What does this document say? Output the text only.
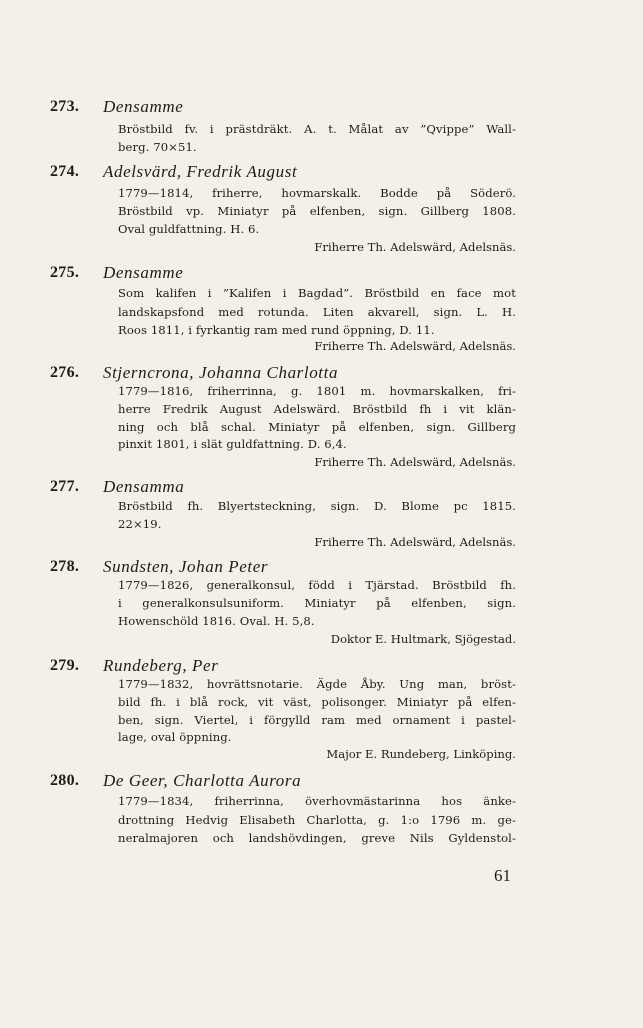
273. Densamme
Bröstbild fv. i prästdräkt. A. t. Målat av ”Qvippe” Wall-
berg. 70×51.
274. Adelsvärd, Fredrik August
1779—1814, friherre, hovmarskalk. Bodde på Söderö.
Bröstbild vp. Miniatyr på elfenben, sign. Gillberg 1808.
Oval guldfattning. H. 6.
Friherre Th. Adelswärd, Adelsnäs.
275. Densamme
Som kalifen i ”Kalifen i Bagdad”. Bröstbild en face mot
landskapsfond med rotunda. Liten akvarell, sign. L. H.
Roos 1811, i fyrkantig ram med rund öppning, D. 11.
Friherre Th. Adelswärd, Adelsnäs.
276. Stjerncrona, Johanna Charlotta
1779—1816, friherrinna, g. 1801 m. hovmarskalken, fri-
herre Fredrik August Adelswärd. Bröstbild fh i vit klän-
ning och blå schal. Miniatyr på elfenben, sign. Gillberg
pinxit 1801, i slät guldfattning. D. 6,4.
Friherre Th. Adelswärd, Adelsnäs.
277. Densamma
Bröstbild fh. Blyertsteckning, sign. D. Blome pc 1815.
22×19.
Friherre Th. Adelswärd, Adelsnäs.
278. Sundsten, Johan Peter
1779—1826, generalkonsul, född i Tjärstad. Bröstbild fh.
i generalkonsulsuniform. Miniatyr på elfenben, sign.
Howenschöld 1816. Oval. H. 5,8.
Doktor E. Hultmark, Sjögestad.
279. Rundeberg, Per
1779—1832, hovrättsnotarie. Ägde Åby. Ung man, bröst-
bild fh. i blå rock, vit väst, polisonger. Miniatyr på elfen-
ben, sign. Viertel, i förgylld ram med ornament i pastel-
lage, oval öppning.
Major E. Rundeberg, Linköping.
280. De Geer, Charlotta Aurora
1779—1834, friherrinna, överhovmästarinna hos änke-
drottning Hedvig Elisabeth Charlotta, g. 1:o 1796 m. ge-
neralmajoren och landshövdingen, greve Nils Gyldenstol-
61
